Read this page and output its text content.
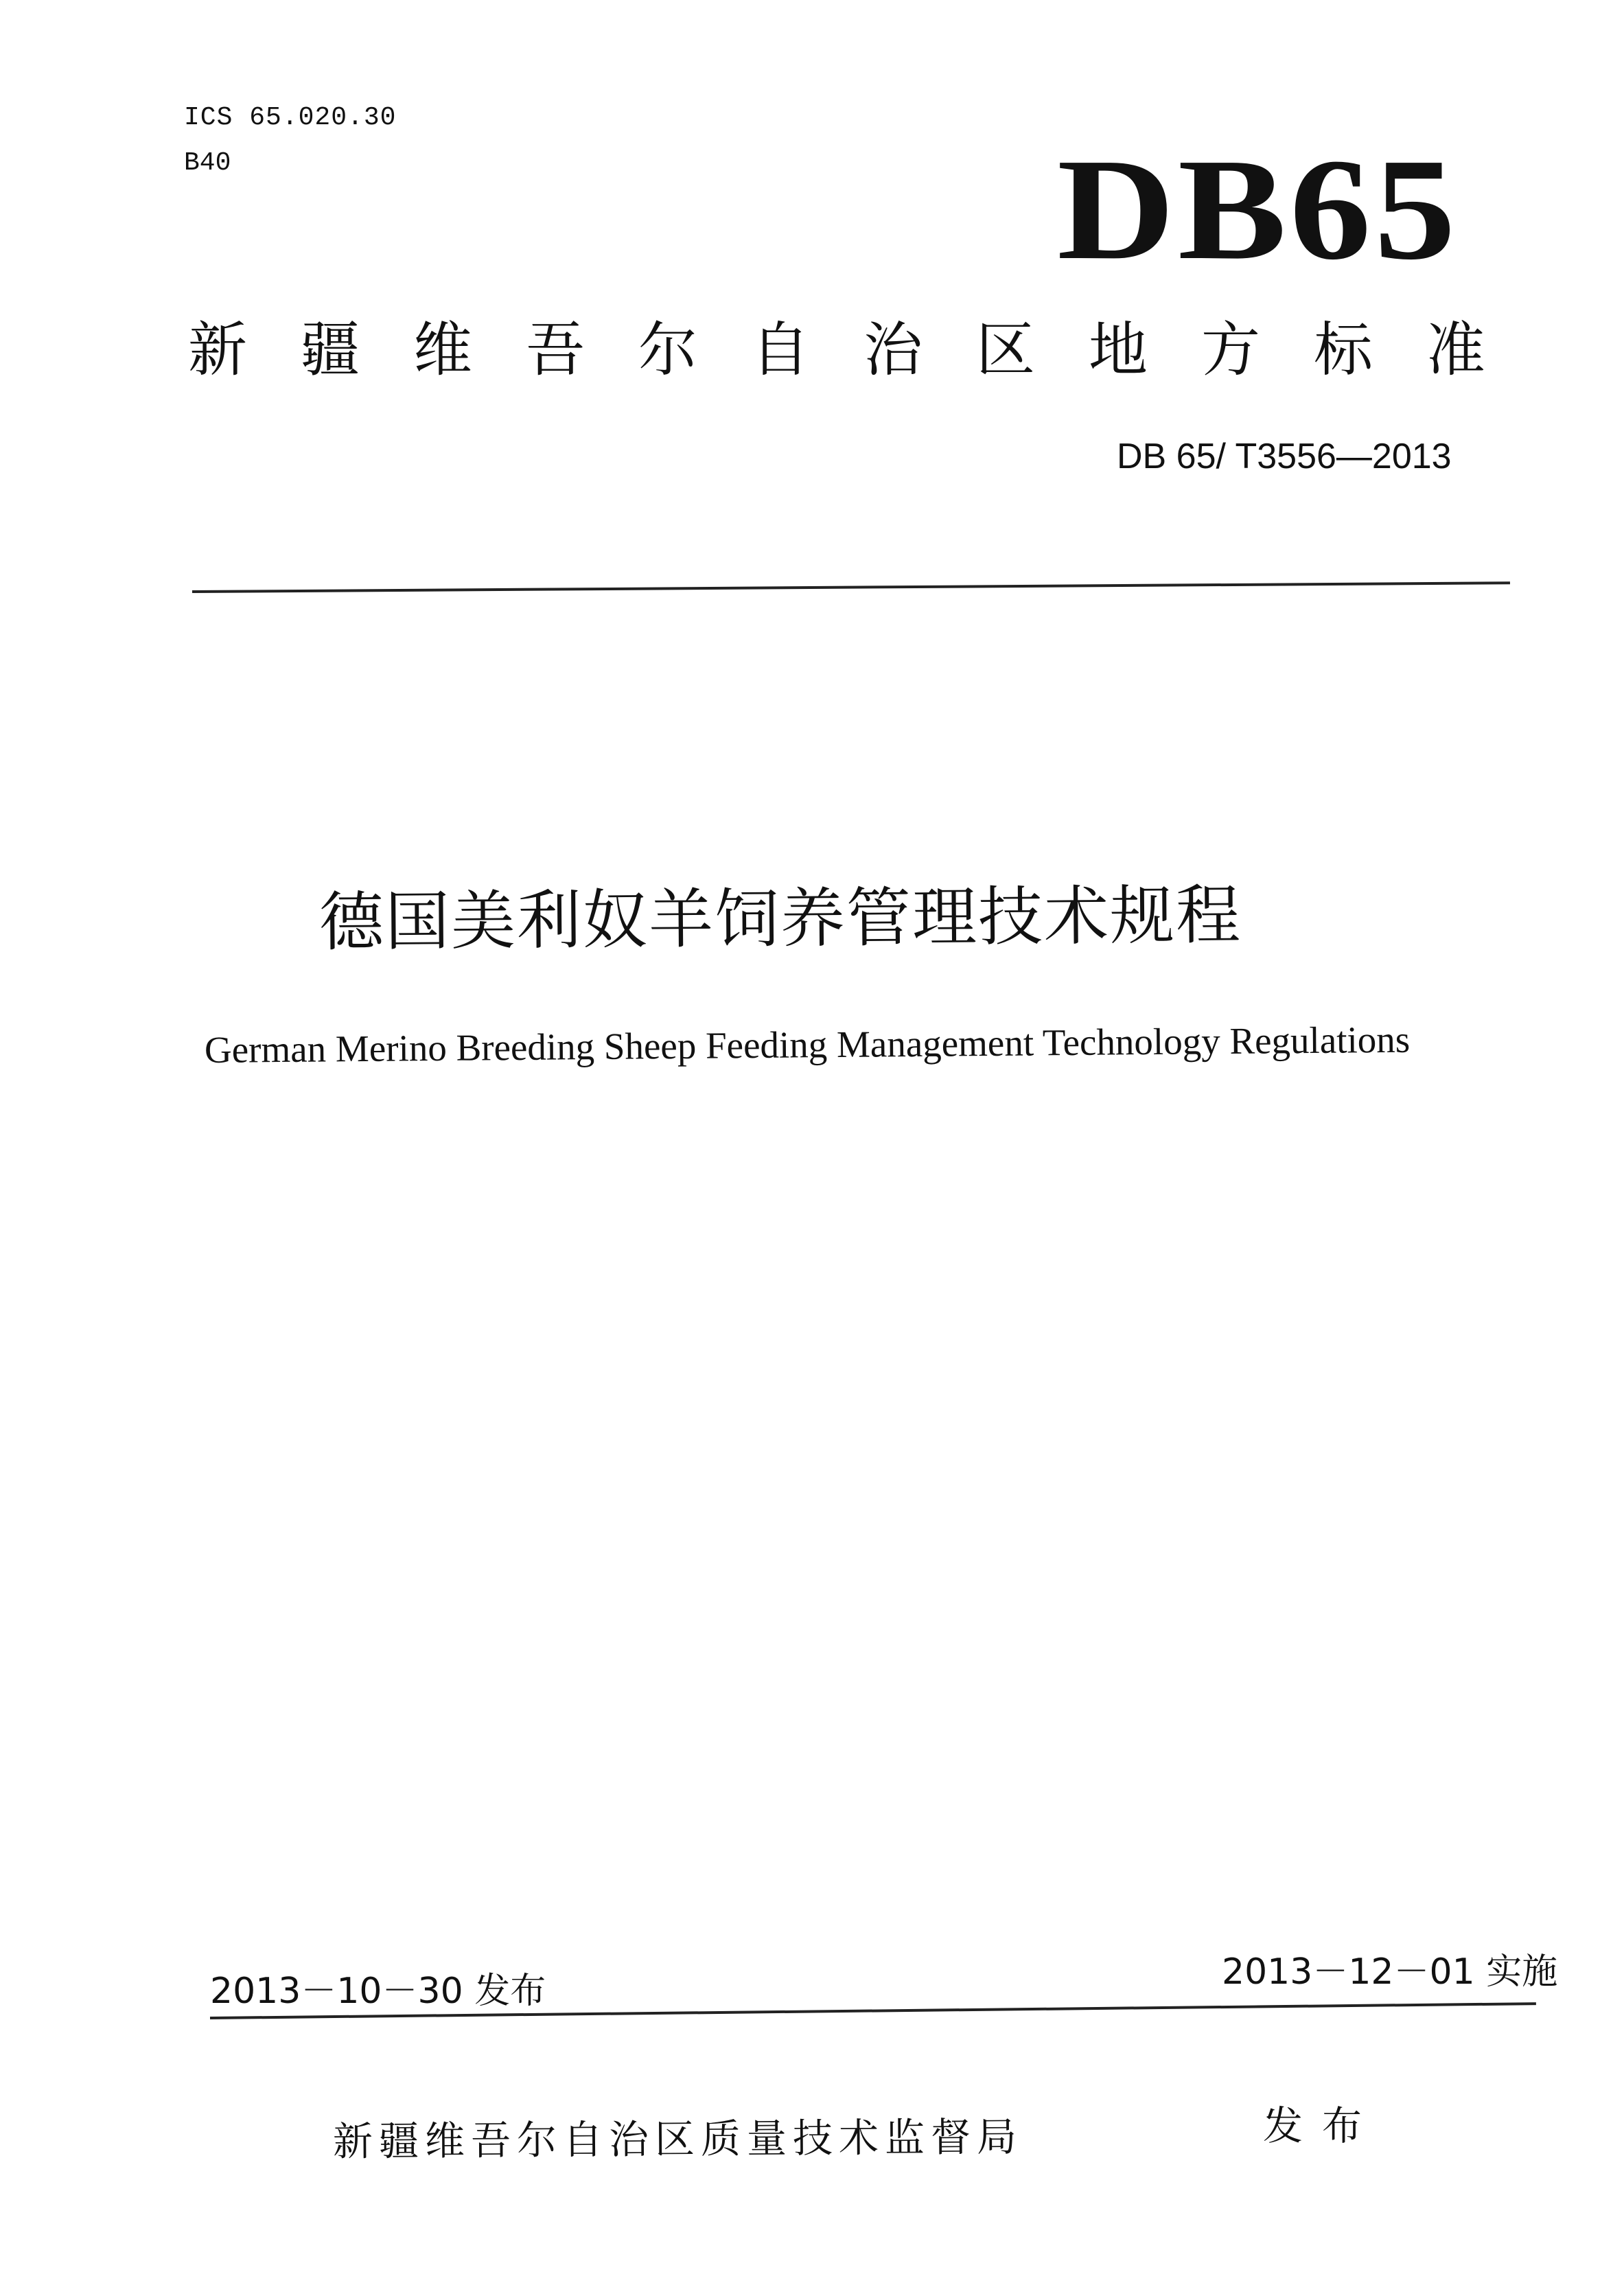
ICS 65.020.30
B40	DB65
新疆维吾尔自治区地方标准
DB 65/ T3556—2013
德国美利奴羊饲养管理技术规程
German Merino Breeding Sheep Feeding Management Technology Regulations
2013－10－30 发布	2013－12－01 实施
新疆维吾尔自治区质量技术监督局	发布
